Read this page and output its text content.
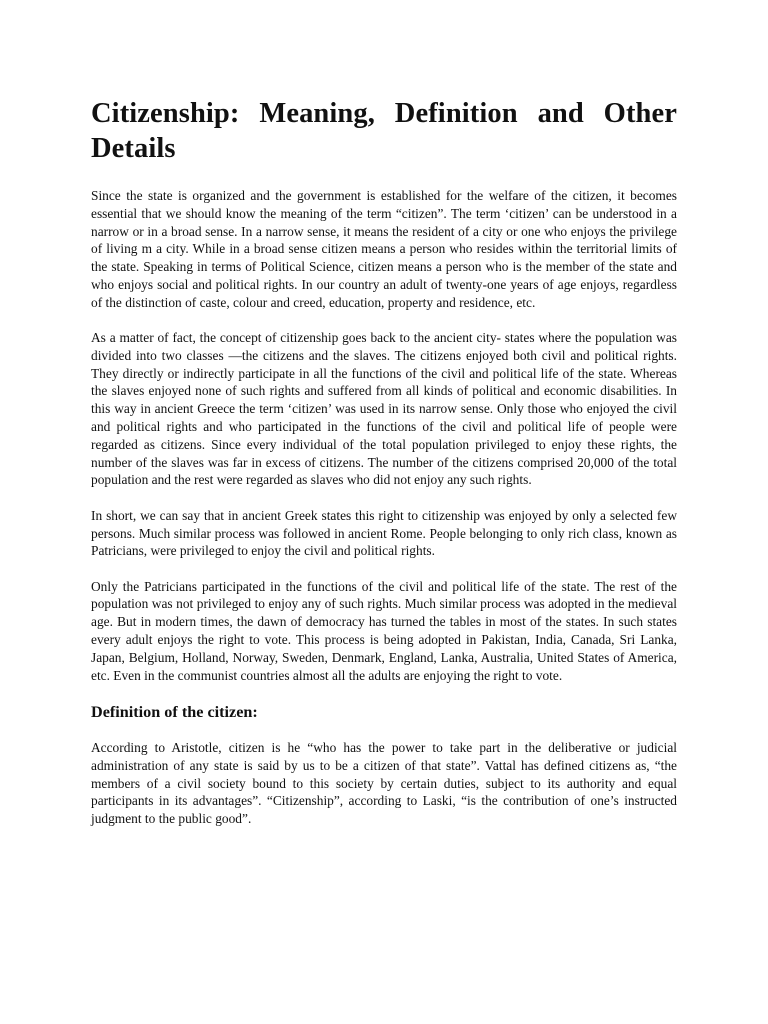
Citizenship: Meaning, Definition and Other Details

Since the state is organized and the government is established for the welfare of the citizen, it becomes essential that we should know the meaning of the term “citizen”. The term ‘citizen’ can be understood in a narrow or in a broad sense. In a narrow sense, it means the resident of a city or one who enjoys the privilege of living m a city. While in a broad sense citizen means a person who resides within the territorial limits of the state. Speaking in terms of Political Science, citizen means a person who is the member of the state and who enjoys social and political rights. In our country an adult of twenty-one years of age enjoys, regardless of the distinction of caste, colour and creed, education, property and residence, etc.

As a matter of fact, the concept of citizenship goes back to the ancient city- states where the population was divided into two classes —the citizens and the slaves. The citizens enjoyed both civil and political rights. They directly or indirectly participate in all the functions of the civil and political life of the state. Whereas the slaves enjoyed none of such rights and suffered from all kinds of political and economic disabilities. In this way in ancient Greece the term ‘citizen’ was used in its narrow sense. Only those who enjoyed the civil and political rights and who participated in the functions of the civil and political life of people were regarded as citizens. Since every individual of the total population privileged to enjoy these rights, the number of the slaves was far in excess of citizens. The number of the citizens comprised 20,000 of the total population and the rest were regarded as slaves who did not enjoy any such rights.

In short, we can say that in ancient Greek states this right to citizenship was enjoyed by only a selected few persons. Much similar process was followed in ancient Rome. People belonging to only rich class, known as Patricians, were privileged to enjoy the civil and political rights.

Only the Patricians participated in the functions of the civil and political life of the state. The rest of the population was not privileged to enjoy any of such rights. Much similar process was adopted in the medieval age. But in modern times, the dawn of democracy has turned the tables in most of the states. In such states every adult enjoys the right to vote. This process is being adopted in Pakistan, India, Canada, Sri Lanka, Japan, Belgium, Holland, Norway, Sweden, Denmark, England, Lanka, Australia, United States of America, etc. Even in the communist countries almost all the adults are enjoying the right to vote.

Definition of the citizen:

According to Aristotle, citizen is he “who has the power to take part in the deliberative or judicial administration of any state is said by us to be a citizen of that state”. Vattal has defined citizens as, “the members of a civil society bound to this society by certain duties, subject to its authority and equal participants in its advantages”. “Citizenship”, according to Laski, “is the contribution of one’s instructed judgment to the public good”.
